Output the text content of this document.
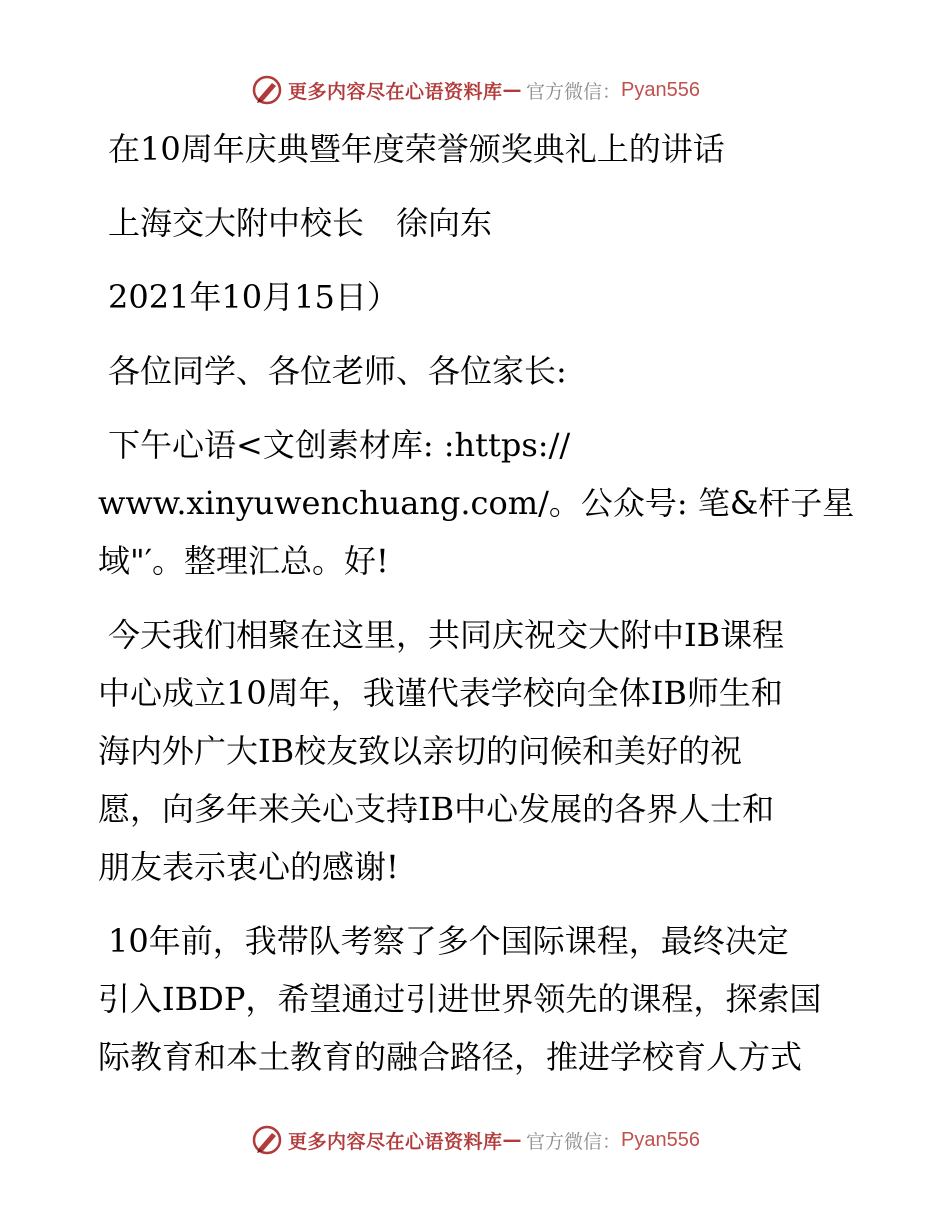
更多内容尽在心语资料库 — 官方微信： Pyan556

在10周年庆典暨年度荣誉颁奖典礼上的讲话

上海交大附中校长　徐向东

2021年10月15日）

各位同学、各位老师、各位家长:

下午心语<文创素材库: :https://

www.xinyuwenchuang.com/。公众号: 笔&杆子星

域"′。整理汇总。好!

今天我们相聚在这里，共同庆祝交大附中IB课程

中心成立10周年，我谨代表学校向全体IB师生和

海内外广大IB校友致以亲切的问候和美好的祝

愿，向多年来关心支持IB中心发展的各界人士和

朋友表示衷心的感谢!

10年前，我带队考察了多个国际课程，最终决定

引入IBDP，希望通过引进世界领先的课程，探索国

际教育和本土教育的融合路径，推进学校育人方式

更多内容尽在心语资料库 — 官方微信： Pyan556
